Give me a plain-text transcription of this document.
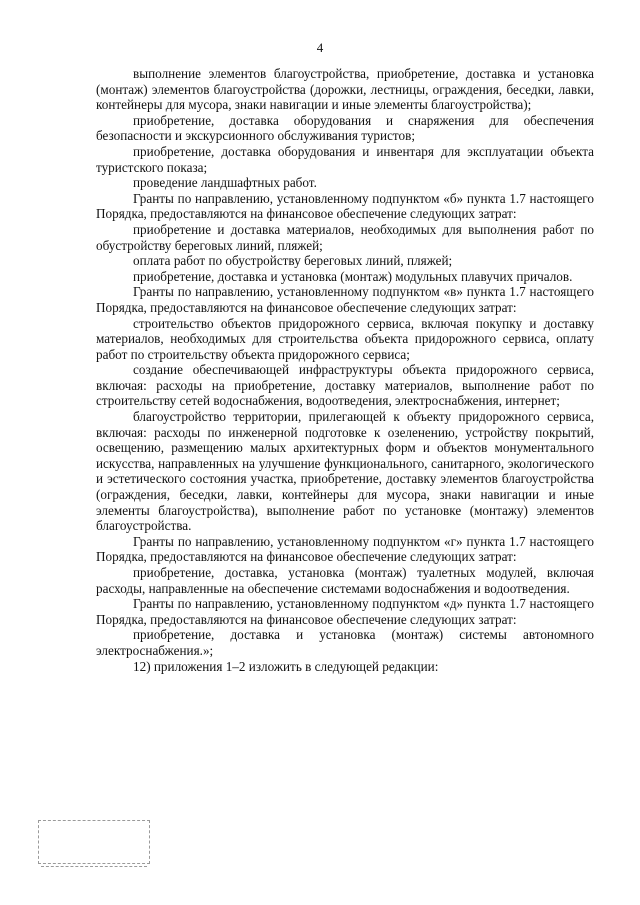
4

выполнение элементов благоустройства, приобретение, доставка и установка (монтаж) элементов благоустройства (дорожки, лестницы, ограждения, беседки, лавки, контейнеры для мусора, знаки навигации и иные элементы благоустройства);

приобретение, доставка оборудования и снаряжения для обеспечения безопасности и экскурсионного обслуживания туристов;

приобретение, доставка оборудования и инвентаря для эксплуатации объекта туристского показа;

проведение ландшафтных работ.

Гранты по направлению, установленному подпунктом «б» пункта 1.7 настоящего Порядка, предоставляются на финансовое обеспечение следующих затрат:

приобретение и доставка материалов, необходимых для выполнения работ по обустройству береговых линий, пляжей;

оплата работ по обустройству береговых линий, пляжей;

приобретение, доставка и установка (монтаж) модульных плавучих причалов.

Гранты по направлению, установленному подпунктом «в» пункта 1.7 настоящего Порядка, предоставляются на финансовое обеспечение следующих затрат:

строительство объектов придорожного сервиса, включая покупку и доставку материалов, необходимых для строительства объекта придорожного сервиса, оплату работ по строительству объекта придорожного сервиса;

создание обеспечивающей инфраструктуры объекта придорожного сервиса, включая: расходы на приобретение, доставку материалов, выполнение работ по строительству сетей водоснабжения, водоотведения, электроснабжения, интернет;

благоустройство территории, прилегающей к объекту придорожного сервиса, включая: расходы по инженерной подготовке к озеленению, устройству покрытий, освещению, размещению малых архитектурных форм и объектов монументального искусства, направленных на улучшение функционального, санитарного, экологического и эстетического состояния участка, приобретение, доставку элементов благоустройства (ограждения, беседки, лавки, контейнеры для мусора, знаки навигации и иные элементы благоустройства), выполнение работ по установке (монтажу) элементов благоустройства.

Гранты по направлению, установленному подпунктом «г» пункта 1.7 настоящего Порядка, предоставляются на финансовое обеспечение следующих затрат:

приобретение, доставка, установка (монтаж) туалетных модулей, включая расходы, направленные на обеспечение системами водоснабжения и водоотведения.

Гранты по направлению, установленному подпунктом «д» пункта 1.7 настоящего Порядка, предоставляются на финансовое обеспечение следующих затрат:

приобретение, доставка и установка (монтаж) системы автономного электроснабжения.»;

12) приложения 1–2 изложить в следующей редакции:
